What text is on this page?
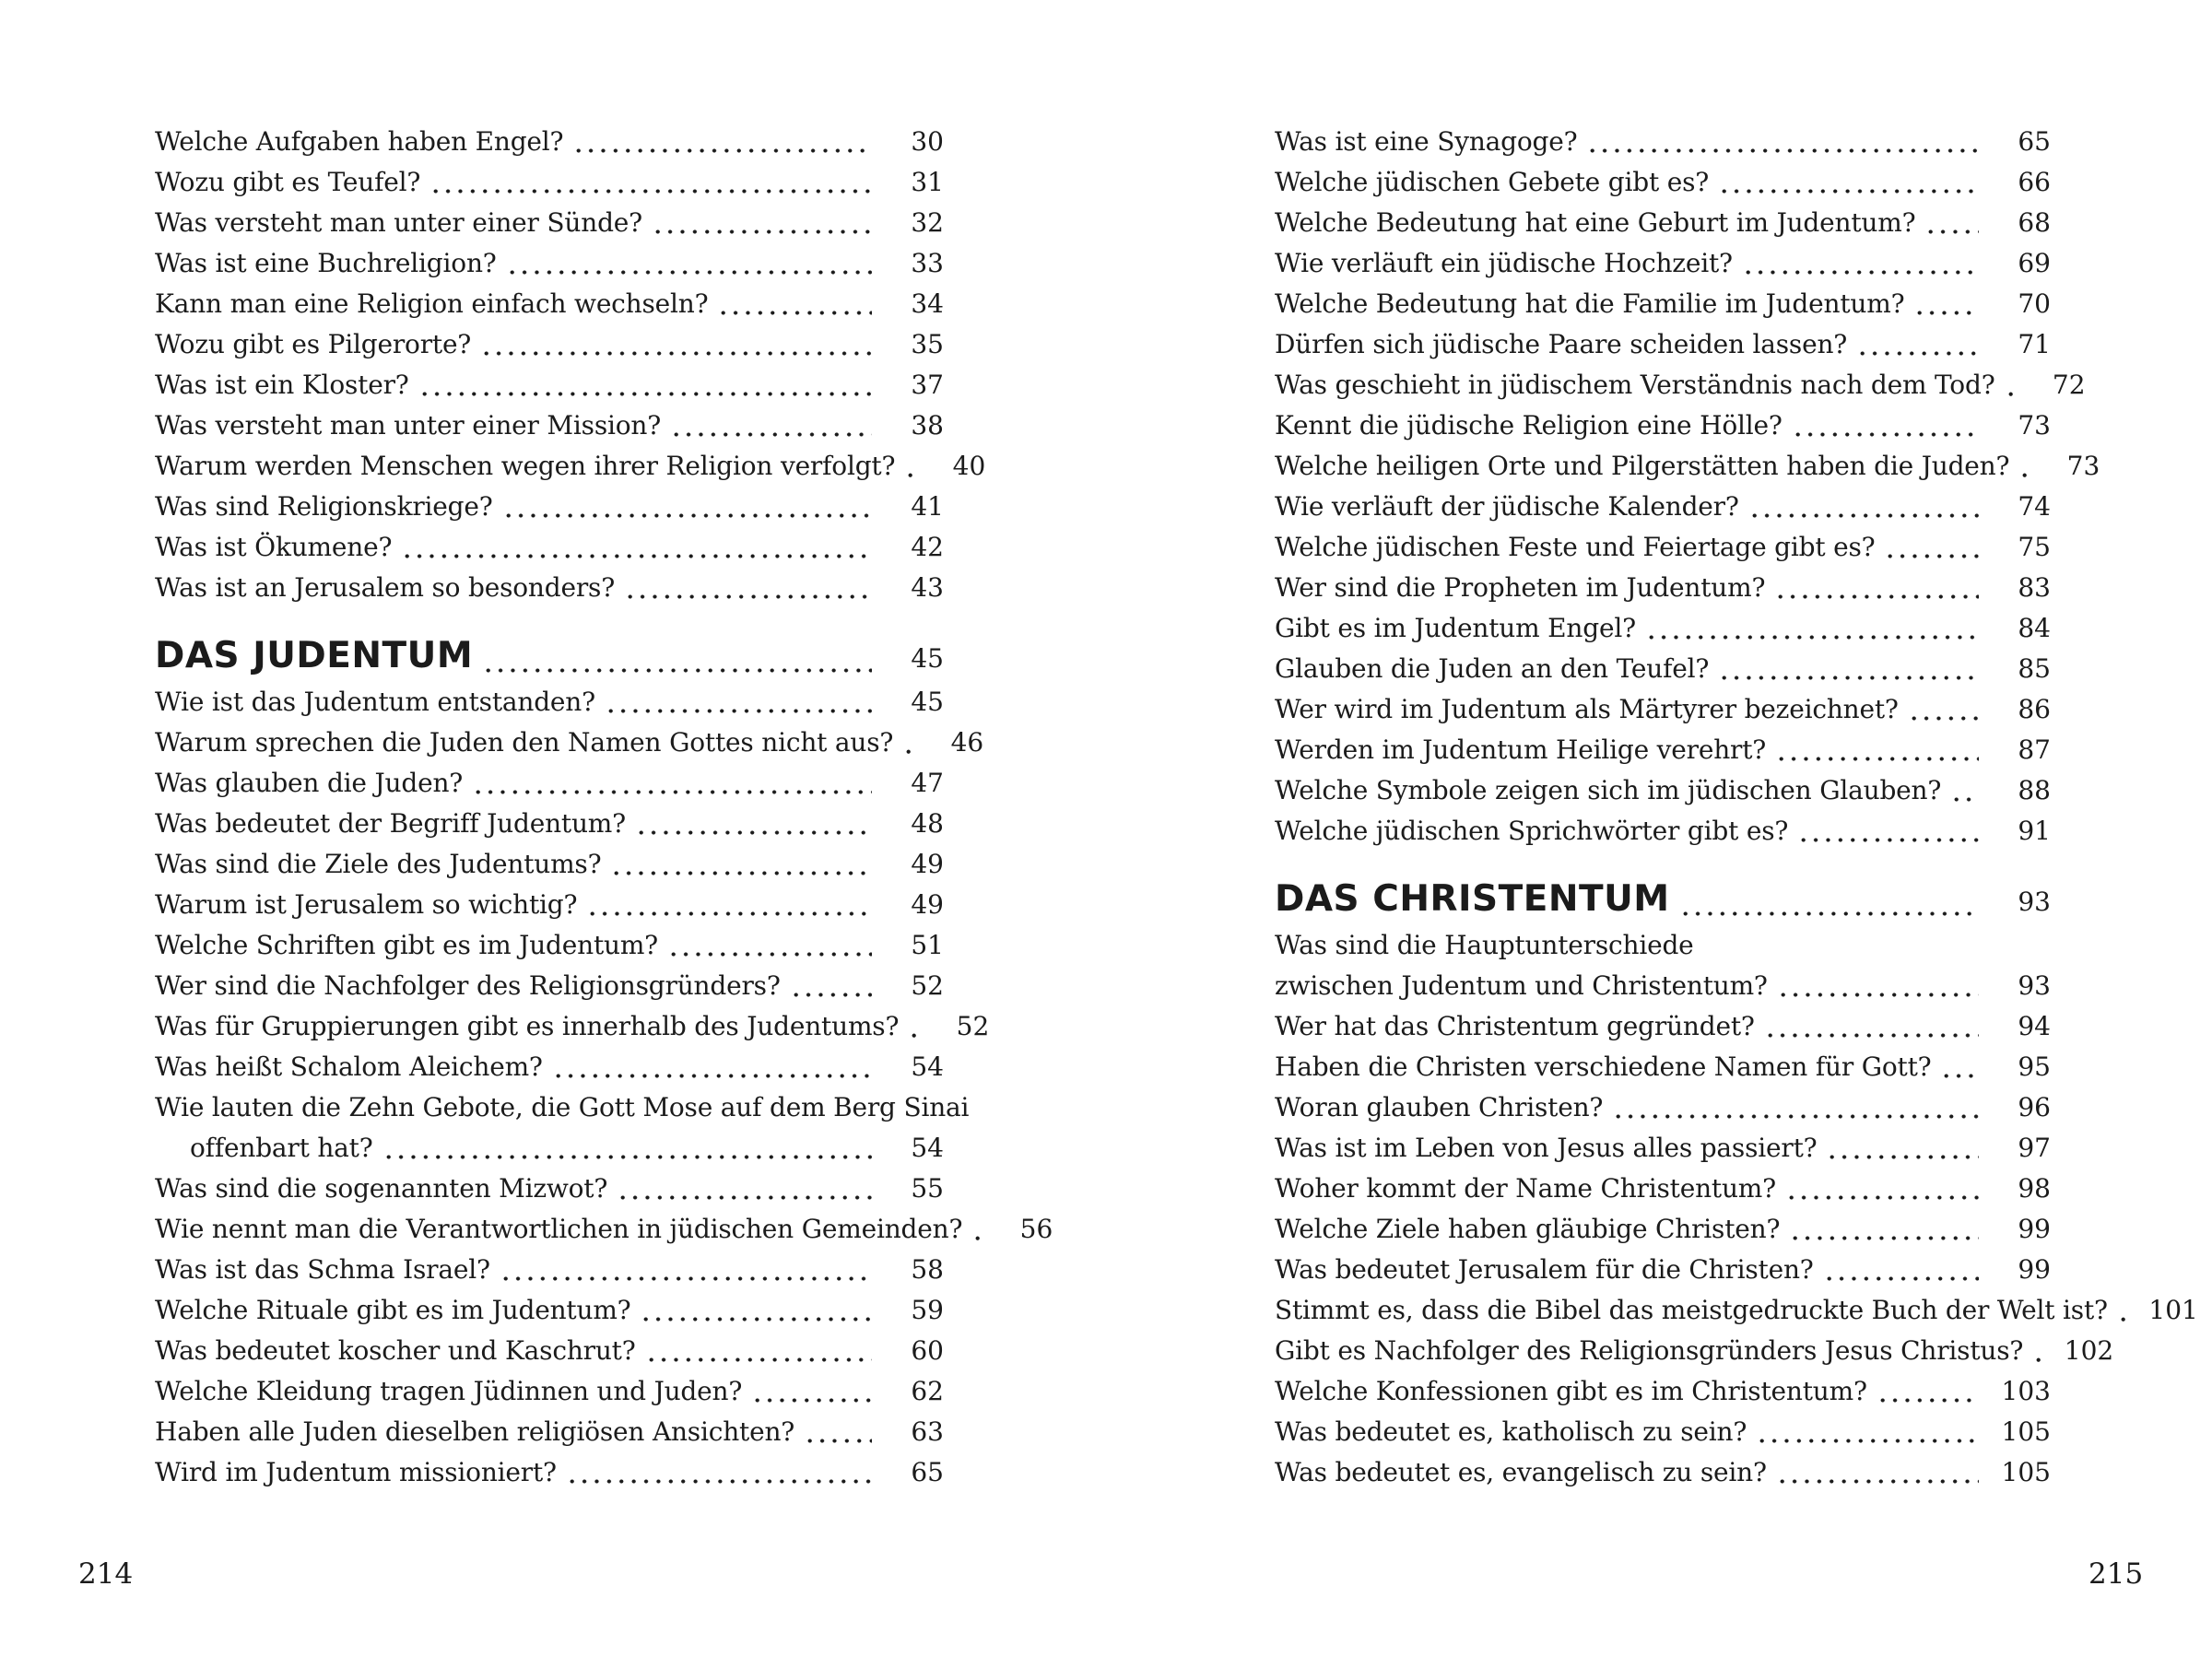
Welche Aufgaben haben Engel?	30
Wozu gibt es Teufel?	31
Was versteht man unter einer Sünde?	32
Was ist eine Buchreligion?	33
Kann man eine Religion einfach wechseln?	34
Wozu gibt es Pilgerorte?	35
Was ist ein Kloster?	37
Was versteht man unter einer Mission?	38
Warum werden Menschen wegen ihrer Religion verfolgt?	40
Was sind Religionskriege?	41
Was ist Ökumene?	42
Was ist an Jerusalem so besonders?	43
DAS JUDENTUM	45
Wie ist das Judentum entstanden?	45
Warum sprechen die Juden den Namen Gottes nicht aus?	46
Was glauben die Juden?	47
Was bedeutet der Begriff Judentum?	48
Was sind die Ziele des Judentums?	49
Warum ist Jerusalem so wichtig?	49
Welche Schriften gibt es im Judentum?	51
Wer sind die Nachfolger des Religionsgründers?	52
Was für Gruppierungen gibt es innerhalb des Judentums?	52
Was heißt Schalom Aleichem?	54
Wie lauten die Zehn Gebote, die Gott Mose auf dem Berg Sinai
offenbart hat?	54
Was sind die sogenannten Mizwot?	55
Wie nennt man die Verantwortlichen in jüdischen Gemeinden?	56
Was ist das Schma Israel?	58
Welche Rituale gibt es im Judentum?	59
Was bedeutet koscher und Kaschrut?	60
Welche Kleidung tragen Jüdinnen und Juden?	62
Haben alle Juden dieselben religiösen Ansichten?	63
Wird im Judentum missioniert?	65
Was ist eine Synagoge?	65
Welche jüdischen Gebete gibt es?	66
Welche Bedeutung hat eine Geburt im Judentum?	68
Wie verläuft ein jüdische Hochzeit?	69
Welche Bedeutung hat die Familie im Judentum?	70
Dürfen sich jüdische Paare scheiden lassen?	71
Was geschieht in jüdischem Verständnis nach dem Tod?	72
Kennt die jüdische Religion eine Hölle?	73
Welche heiligen Orte und Pilgerstätten haben die Juden?	73
Wie verläuft der jüdische Kalender?	74
Welche jüdischen Feste und Feiertage gibt es?	75
Wer sind die Propheten im Judentum?	83
Gibt es im Judentum Engel?	84
Glauben die Juden an den Teufel?	85
Wer wird im Judentum als Märtyrer bezeichnet?	86
Werden im Judentum Heilige verehrt?	87
Welche Symbole zeigen sich im jüdischen Glauben?	88
Welche jüdischen Sprichwörter gibt es?	91
DAS CHRISTENTUM	93
Was sind die Hauptunterschiede
zwischen Judentum und Christentum?	93
Wer hat das Christentum gegründet?	94
Haben die Christen verschiedene Namen für Gott?	95
Woran glauben Christen?	96
Was ist im Leben von Jesus alles passiert?	97
Woher kommt der Name Christentum?	98
Welche Ziele haben gläubige Christen?	99
Was bedeutet Jerusalem für die Christen?	99
Stimmt es, dass die Bibel das meistgedruckte Buch der Welt ist?	101
Gibt es Nachfolger des Religionsgründers Jesus Christus?	102
Welche Konfessionen gibt es im Christentum?	103
Was bedeutet es, katholisch zu sein?	105
Was bedeutet es, evangelisch zu sein?	105
214	215
